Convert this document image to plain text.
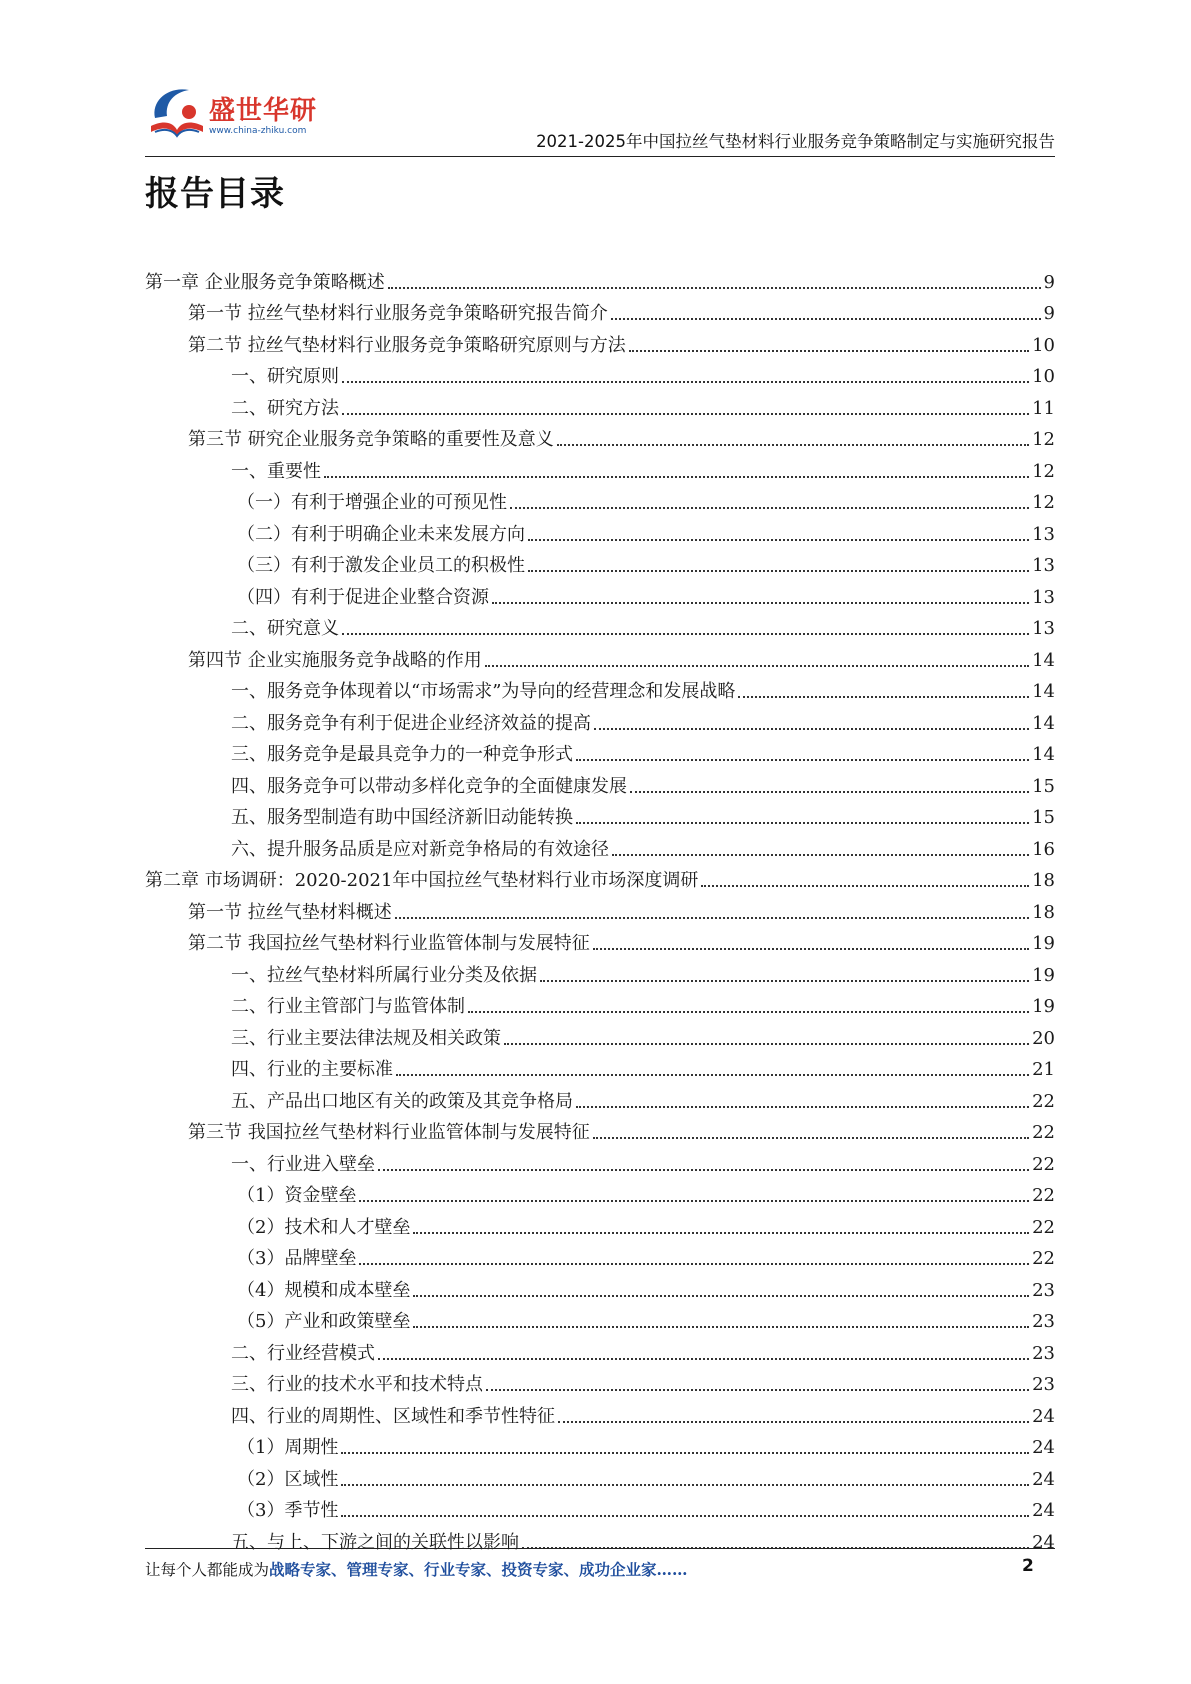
盛世华研
www.china-zhiku.com
2021-2025年中国拉丝气垫材料行业服务竞争策略制定与实施研究报告
报告目录
第一章 企业服务竞争策略概述	9
第一节 拉丝气垫材料行业服务竞争策略研究报告简介	9
第二节 拉丝气垫材料行业服务竞争策略研究原则与方法	10
一、研究原则	10
二、研究方法	11
第三节 研究企业服务竞争策略的重要性及意义	12
一、重要性	12
（一）有利于增强企业的可预见性	12
（二）有利于明确企业未来发展方向	13
（三）有利于激发企业员工的积极性	13
（四）有利于促进企业整合资源	13
二、研究意义	13
第四节 企业实施服务竞争战略的作用	14
一、服务竞争体现着以“市场需求”为导向的经营理念和发展战略	14
二、服务竞争有利于促进企业经济效益的提高	14
三、服务竞争是最具竞争力的一种竞争形式	14
四、服务竞争可以带动多样化竞争的全面健康发展	15
五、服务型制造有助中国经济新旧动能转换	15
六、提升服务品质是应对新竞争格局的有效途径	16
第二章 市场调研：2020-2021年中国拉丝气垫材料行业市场深度调研	18
第一节 拉丝气垫材料概述	18
第二节 我国拉丝气垫材料行业监管体制与发展特征	19
一、拉丝气垫材料所属行业分类及依据	19
二、行业主管部门与监管体制	19
三、行业主要法律法规及相关政策	20
四、行业的主要标准	21
五、产品出口地区有关的政策及其竞争格局	22
第三节 我国拉丝气垫材料行业监管体制与发展特征	22
一、行业进入壁垒	22
（1）资金壁垒	22
（2）技术和人才壁垒	22
（3）品牌壁垒	22
（4）规模和成本壁垒	23
（5）产业和政策壁垒	23
二、行业经营模式	23
三、行业的技术水平和技术特点	23
四、行业的周期性、区域性和季节性特征	24
（1）周期性	24
（2）区域性	24
（3）季节性	24
五、与上、下游之间的关联性以影响	24
让每个人都能成为战略专家、管理专家、行业专家、投资专家、成功企业家……	2
